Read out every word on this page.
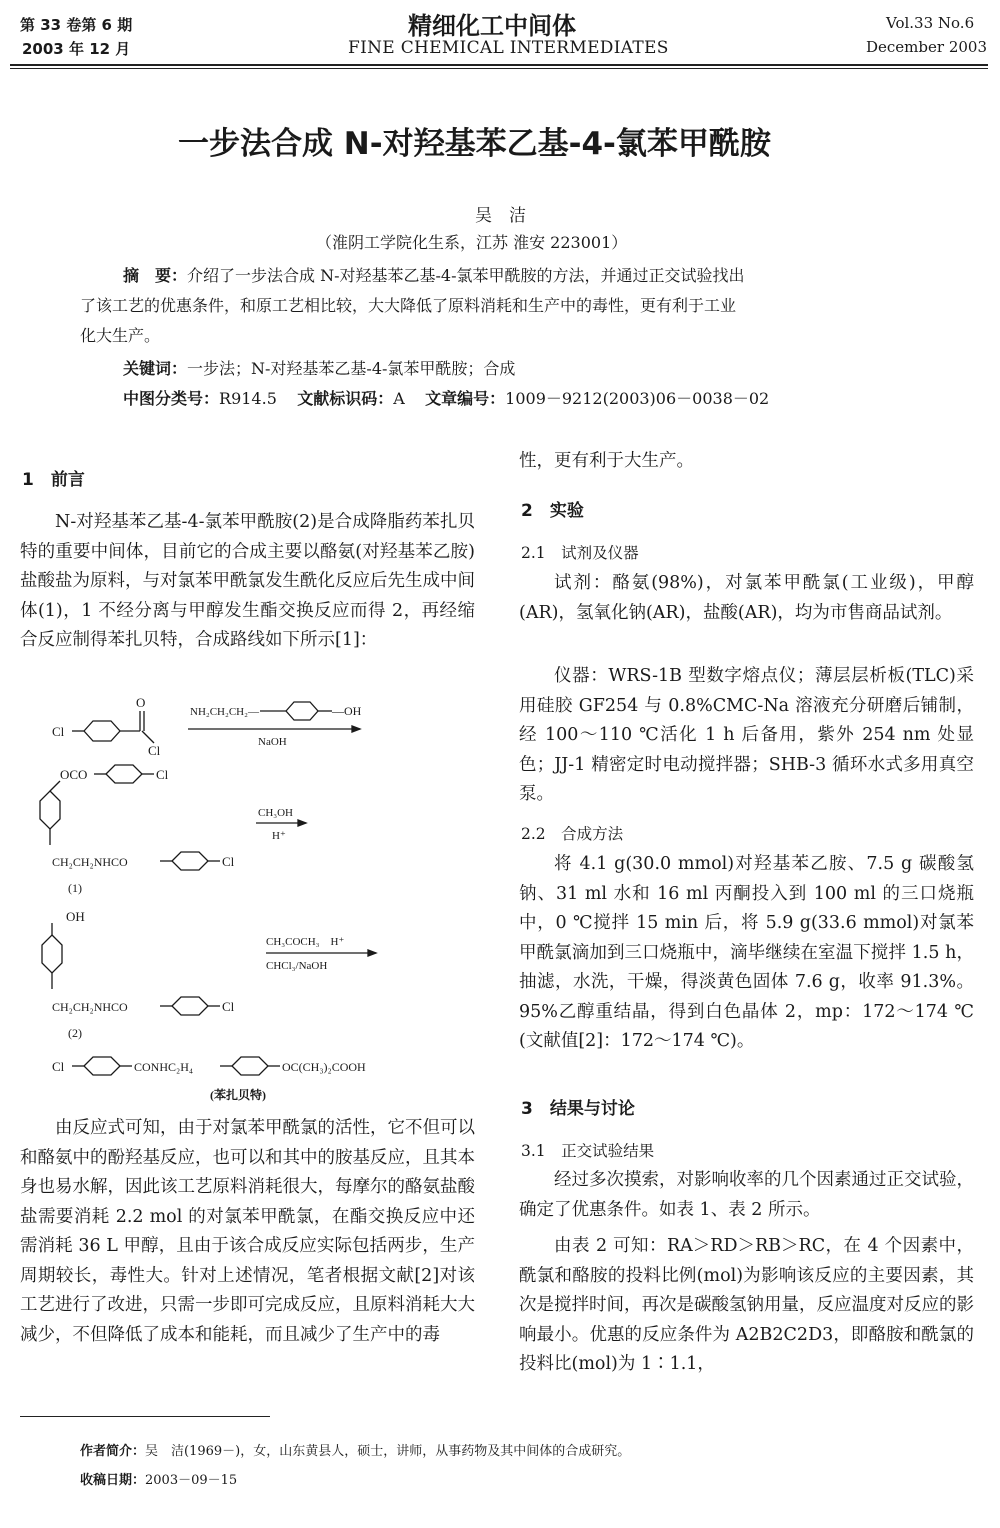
第 33 卷第 6 期
2003 年 12 月
精细化工中间体
FINE CHEMICAL INTERMEDIATES
Vol.33 No.6
December 2003
一步法合成 N-对羟基苯乙基-4-氯苯甲酰胺
吴　洁
（淮阴工学院化生系，江苏 淮安 223001）
摘　要：介绍了一步法合成 N-对羟基苯乙基-4-氯苯甲酰胺的方法，并通过正交试验找出
了该工艺的优惠条件，和原工艺相比较，大大降低了原料消耗和生产中的毒性，更有利于工业
化大生产。
关键词：一步法；N-对羟基苯乙基-4-氯苯甲酰胺；合成
中图分类号：R914.5 文献标识码：A 文章编号：1009－9212(2003)06－0038－02
1　前言
N-对羟基苯乙基-4-氯苯甲酰胺(2)是合成降脂药苯扎贝特的重要中间体，目前它的合成主要以酪氨(对羟基苯乙胺)盐酸盐为原料，与对氯苯甲酰氯发生酰化反应后先生成中间体(1)，1 不经分离与甲醇发生酯交换反应而得 2，再经缩合反应制得苯扎贝特，合成路线如下所示[1]：
Cl
O
Cl
NH₂CH₂CH₂—	—OH
NaOH
OCO	Cl
CH₃OH
H⁺
CH₂CH₂NHCO	Cl
(1)
OH
CH₃COCH₃　H⁺
CHCl₃/NaOH
CH₂CH₂NHCO	Cl
(2)
Cl	CONHC₂H₄	OC(CH₃)₂COOH
(苯扎贝特)
由反应式可知，由于对氯苯甲酰氯的活性，它不但可以和酪氨中的酚羟基反应，也可以和其中的胺基反应，且其本身也易水解，因此该工艺原料消耗很大，每摩尔的酪氨盐酸盐需要消耗 2.2 mol 的对氯苯甲酰氯，在酯交换反应中还需消耗 36 L 甲醇，且由于该合成反应实际包括两步，生产周期较长，毒性大。针对上述情况，笔者根据文献[2]对该工艺进行了改进，只需一步即可完成反应，且原料消耗大大减少，不但降低了成本和能耗，而且减少了生产中的毒
性，更有利于大生产。
2　实验
2.1　试剂及仪器
试剂：酪氨(98%)，对氯苯甲酰氯(工业级)，甲醇(AR)，氢氧化钠(AR)，盐酸(AR)，均为市售商品试剂。
仪器：WRS-1B 型数字熔点仪；薄层层析板(TLC)采用硅胶 GF254 与 0.8%CMC-Na 溶液充分研磨后铺制，经 100～110 ℃活化 1 h 后备用，紫外 254 nm 处显色；JJ-1 精密定时电动搅拌器；SHB-3 循环水式多用真空泵。
2.2　合成方法
将 4.1 g(30.0 mmol)对羟基苯乙胺、7.5 g 碳酸氢钠、31 ml 水和 16 ml 丙酮投入到 100 ml 的三口烧瓶中，0 ℃搅拌 15 min 后，将 5.9 g(33.6 mmol)对氯苯甲酰氯滴加到三口烧瓶中，滴毕继续在室温下搅拌 1.5 h，抽滤，水洗，干燥，得淡黄色固体 7.6 g，收率 91.3%。95%乙醇重结晶，得到白色晶体 2，mp：172～174 ℃(文献值[2]：172～174 ℃)。
3　结果与讨论
3.1　正交试验结果
经过多次摸索，对影响收率的几个因素通过正交试验，确定了优惠条件。如表 1、表 2 所示。
由表 2 可知：RA＞RD＞RB＞RC，在 4 个因素中，酰氯和酪胺的投料比例(mol)为影响该反应的主要因素，其次是搅拌时间，再次是碳酸氢钠用量，反应温度对反应的影响最小。优惠的反应条件为 A2B2C2D3，即酪胺和酰氯的投料比(mol)为 1∶1.1，
作者简介：吴　洁(1969－)，女，山东黄县人，硕士，讲师，从事药物及其中间体的合成研究。
收稿日期：2003－09－15
